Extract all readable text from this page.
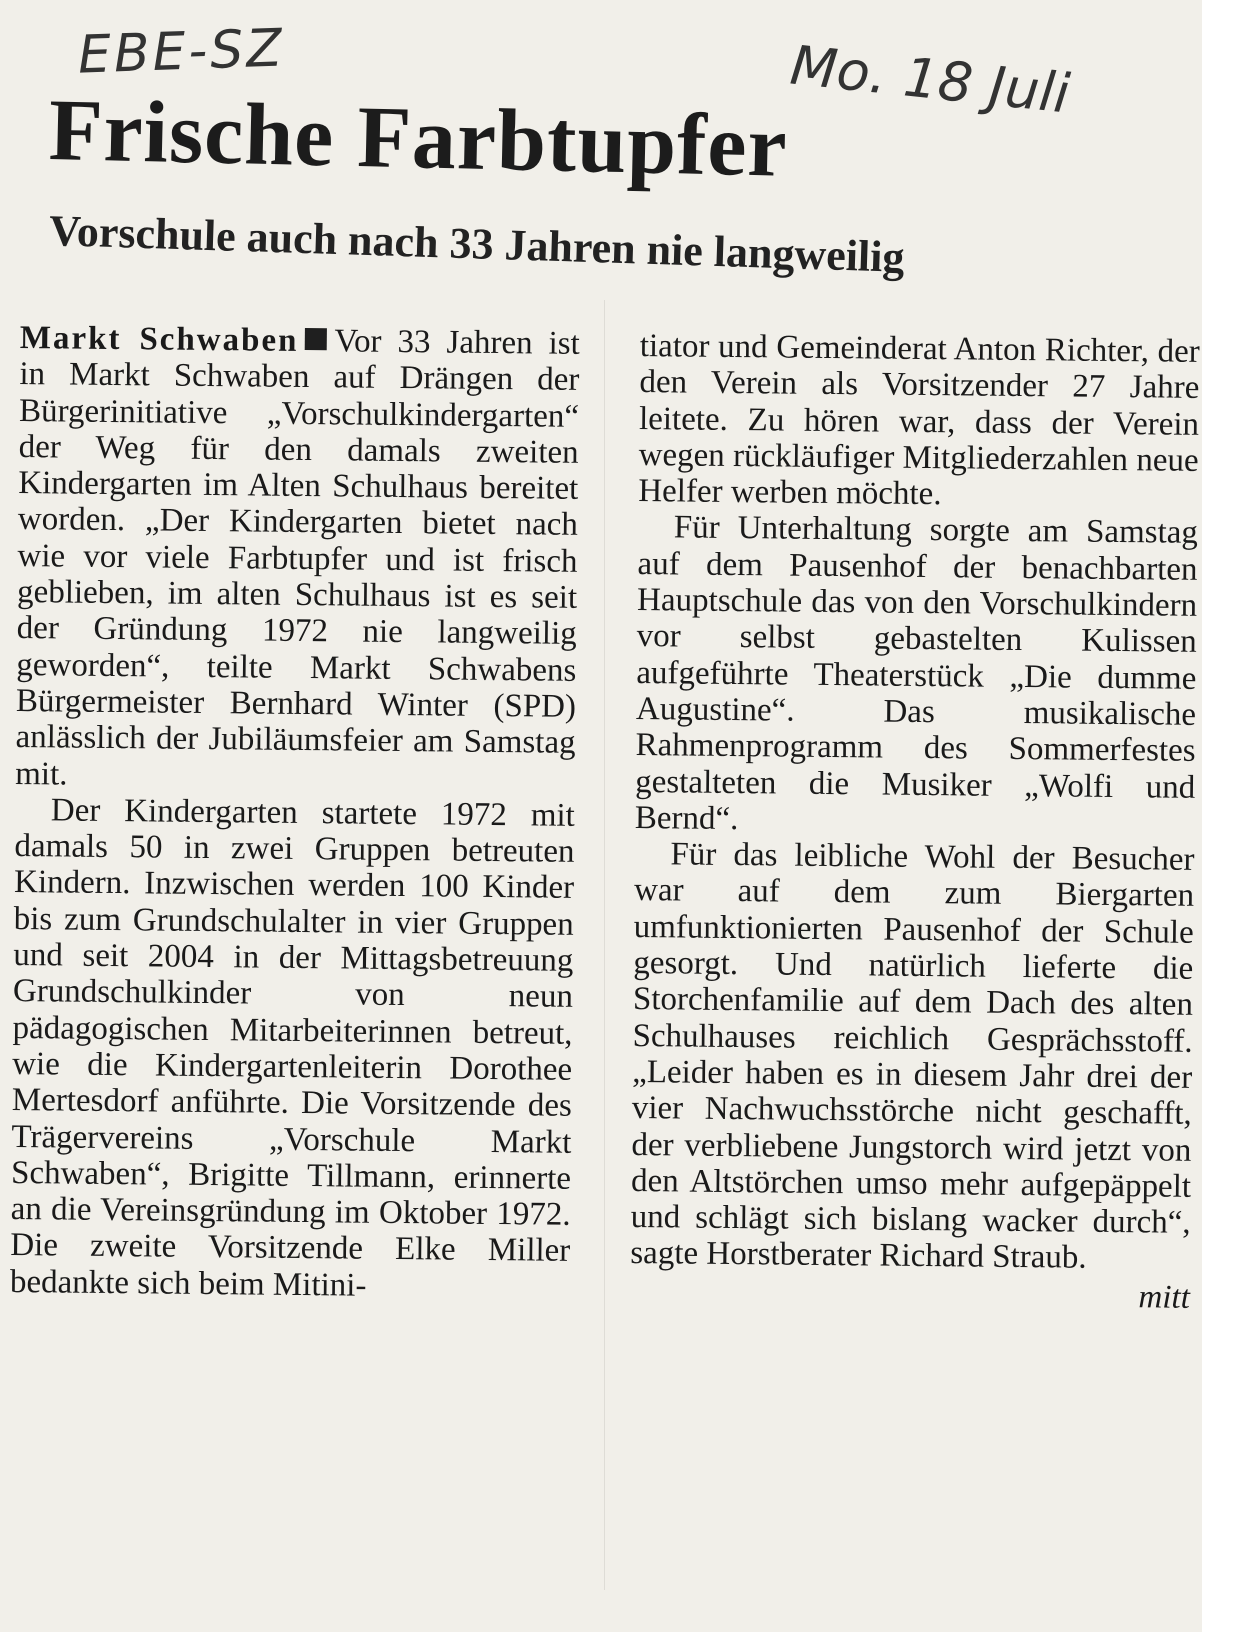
EBE-SZ	Mo. 18 Juli
Frische Farbtupfer
Vorschule auch nach 33 Jahren nie langweilig

Markt Schwaben Vor 33 Jahren ist in Markt Schwaben auf Drängen der Bürgerinitiative „Vorschulkindergarten“ der Weg für den damals zweiten Kindergarten im Alten Schulhaus bereitet worden. „Der Kindergarten bietet nach wie vor viele Farbtupfer und ist frisch geblieben, im alten Schulhaus ist es seit der Gründung 1972 nie langweilig geworden“, teilte Markt Schwabens Bürgermeister Bernhard Winter (SPD) anlässlich der Jubiläumsfeier am Samstag mit.

Der Kindergarten startete 1972 mit damals 50 in zwei Gruppen betreuten Kindern. Inzwischen werden 100 Kinder bis zum Grundschulalter in vier Gruppen und seit 2004 in der Mittagsbetreuung Grundschulkinder von neun pädagogischen Mitarbeiterinnen betreut, wie die Kindergartenleiterin Dorothee Mertesdorf anführte. Die Vorsitzende des Trägervereins „Vorschule Markt Schwaben“, Brigitte Tillmann, erinnerte an die Vereinsgründung im Oktober 1972. Die zweite Vorsitzende Elke Miller bedankte sich beim Mitini-

tiator und Gemeinderat Anton Richter, der den Verein als Vorsitzender 27 Jahre leitete. Zu hören war, dass der Verein wegen rückläufiger Mitgliederzahlen neue Helfer werben möchte.

Für Unterhaltung sorgte am Samstag auf dem Pausenhof der benachbarten Hauptschule das von den Vorschulkindern vor selbst gebastelten Kulissen aufgeführte Theaterstück „Die dumme Augustine“. Das musikalische Rahmenprogramm des Sommerfestes gestalteten die Musiker „Wolfi und Bernd“.

Für das leibliche Wohl der Besucher war auf dem zum Biergarten umfunktionierten Pausenhof der Schule gesorgt. Und natürlich lieferte die Storchenfamilie auf dem Dach des alten Schulhauses reichlich Gesprächsstoff. „Leider haben es in diesem Jahr drei der vier Nachwuchsstörche nicht geschafft, der verbliebene Jungstorch wird jetzt von den Altstörchen umso mehr aufgepäppelt und schlägt sich bislang wacker durch“, sagte Horstberater Richard Straub.

mitt
